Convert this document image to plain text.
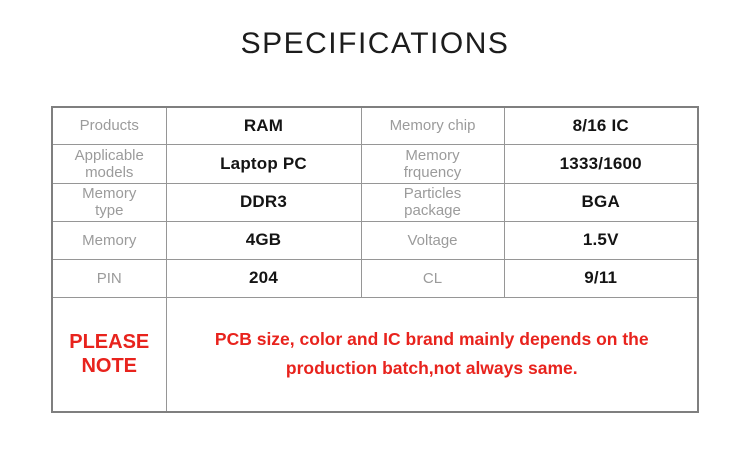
SPECIFICATIONS
Products	RAM	Memory chip	8/16 IC
Applicable models	Laptop PC	Memory frquency	1333/1600
Memory type	DDR3	Particles package	BGA
Memory	4GB	Voltage	1.5V
PIN	204	CL	9/11
PLEASE NOTE	PCB size, color and IC brand mainly depends on the production batch,not always same.		
